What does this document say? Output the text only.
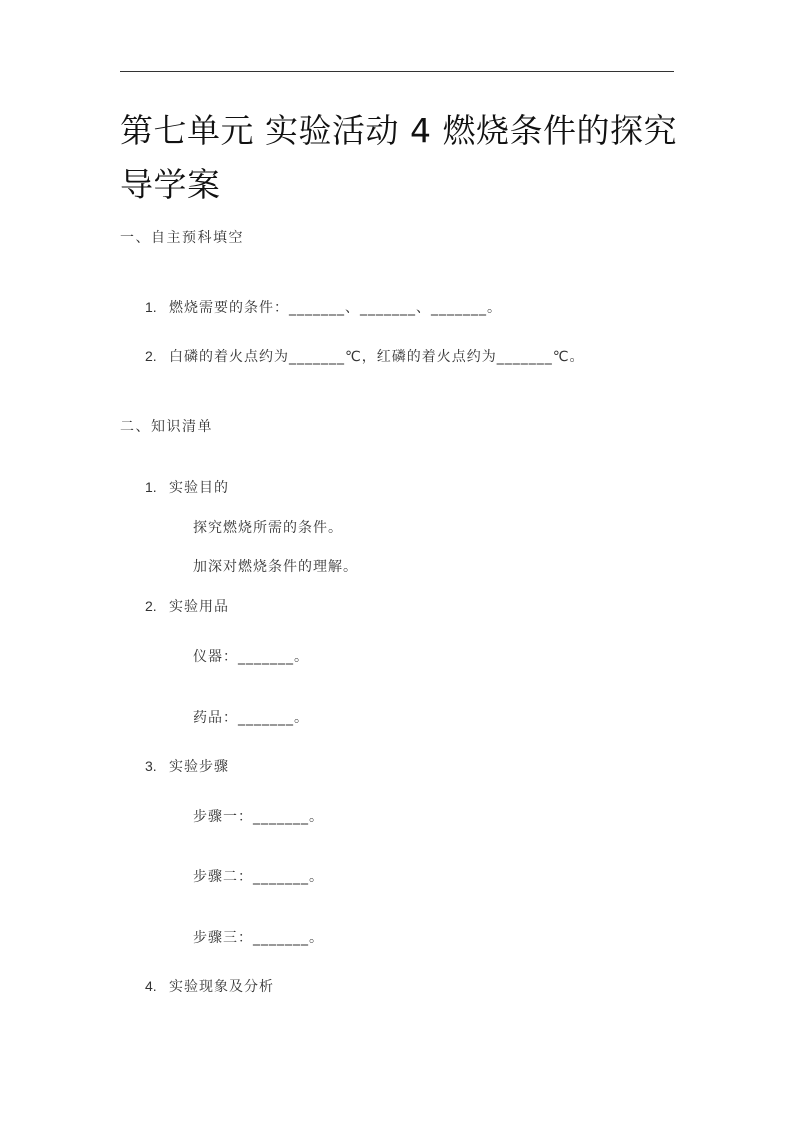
第七单元 实验活动 4 燃烧条件的探究导学案
一、自主预科填空
1. 燃烧需要的条件：_______、_______、_______。
2. 白磷的着火点约为_______℃，红磷的着火点约为_______℃。
二、知识清单
1. 实验目的
探究燃烧所需的条件。
加深对燃烧条件的理解。
2. 实验用品
仪器：_______。
药品：_______。
3. 实验步骤
步骤一：_______。
步骤二：_______。
步骤三：_______。
4. 实验现象及分析
